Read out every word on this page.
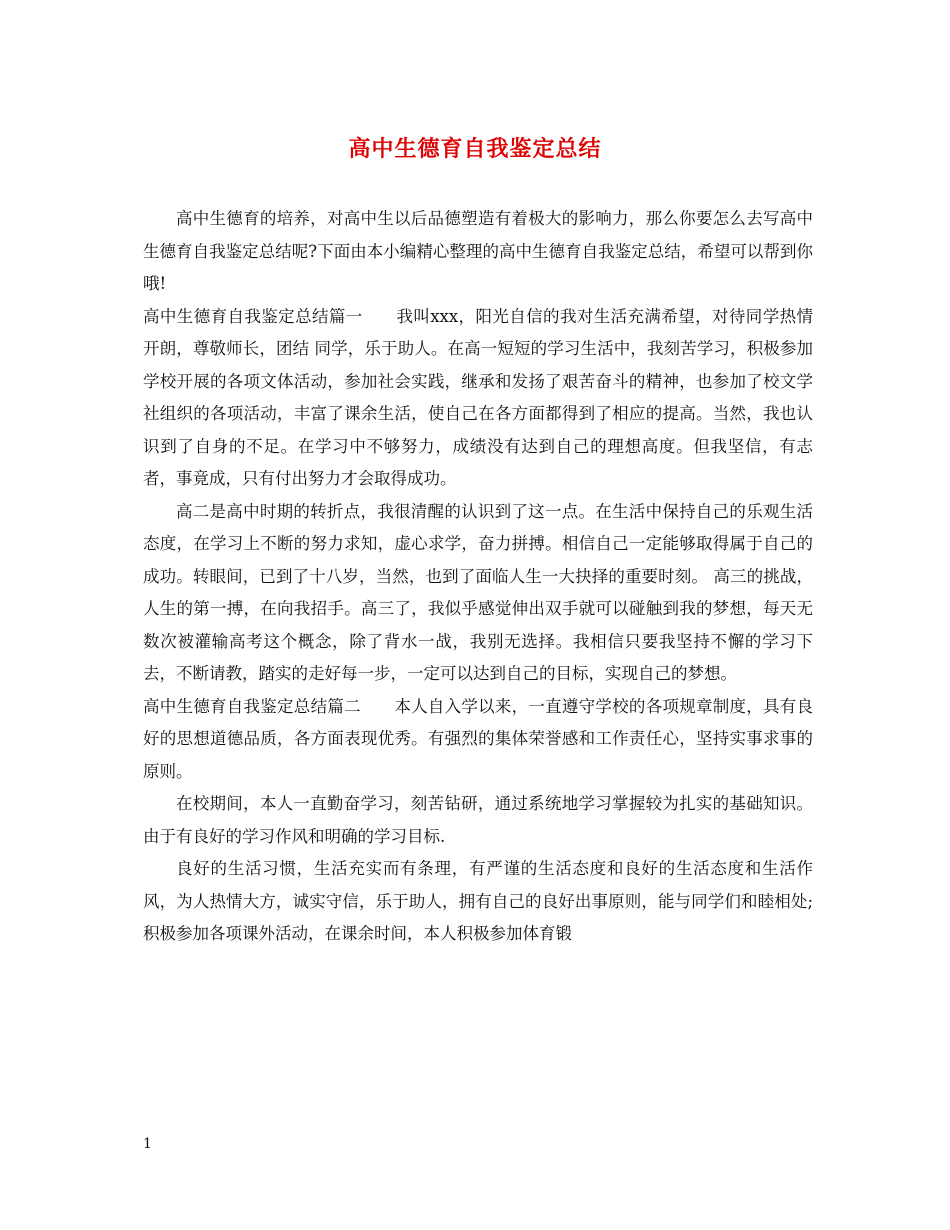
高中生德育自我鉴定总结

高中生德育的培养，对高中生以后品德塑造有着极大的影响力，那么你要怎么去写高中生德育自我鉴定总结呢?下面由本小编精心整理的高中生德育自我鉴定总结，希望可以帮到你哦!

高中生德育自我鉴定总结篇一　　我叫xxx，阳光自信的我对生活充满希望，对待同学热情开朗，尊敬师长，团结 同学，乐于助人。在高一短短的学习生活中，我刻苦学习，积极参加学校开展的各项文体活动，参加社会实践，继承和发扬了艰苦奋斗的精神，也参加了校文学社组织的各项活动，丰富了课余生活，使自己在各方面都得到了相应的提高。当然，我也认识到了自身的不足。在学习中不够努力，成绩没有达到自己的理想高度。但我坚信，有志者，事竟成，只有付出努力才会取得成功。

高二是高中时期的转折点，我很清醒的认识到了这一点。在生活中保持自己的乐观生活态度，在学习上不断的努力求知，虚心求学，奋力拼搏。相信自己一定能够取得属于自己的成功。转眼间，已到了十八岁，当然，也到了面临人生一大抉择的重要时刻。 高三的挑战，人生的第一搏，在向我招手。高三了，我似乎感觉伸出双手就可以碰触到我的梦想，每天无数次被灌输高考这个概念，除了背水一战，我别无选择。我相信只要我坚持不懈的学习下去，不断请教，踏实的走好每一步，一定可以达到自己的目标，实现自己的梦想。

高中生德育自我鉴定总结篇二　　本人自入学以来，一直遵守学校的各项规章制度，具有良好的思想道德品质，各方面表现优秀。有强烈的集体荣誉感和工作责任心，坚持实事求事的原则。

在校期间，本人一直勤奋学习，刻苦钻研，通过系统地学习掌握较为扎实的基础知识。由于有良好的学习作风和明确的学习目标.

良好的生活习惯，生活充实而有条理，有严谨的生活态度和良好的生活态度和生活作风，为人热情大方，诚实守信，乐于助人，拥有自己的良好出事原则，能与同学们和睦相处;积极参加各项课外活动，在课余时间，本人积极参加体育锻

1
